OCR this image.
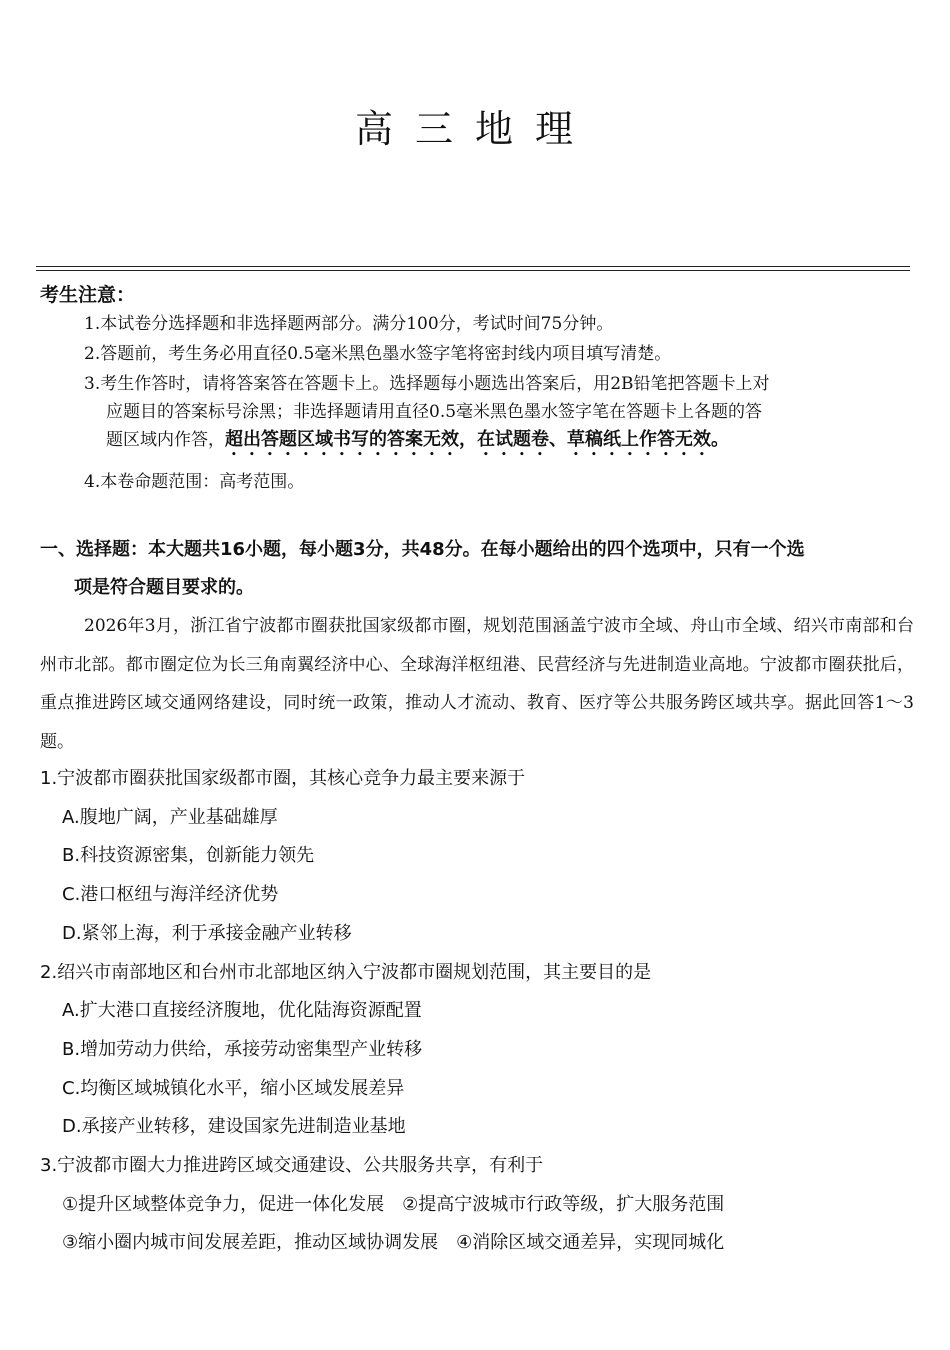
高三地理
考生注意：
1.本试卷分选择题和非选择题两部分。满分100分，考试时间75分钟。
2.答题前，考生务必用直径0.5毫米黑色墨水签字笔将密封线内项目填写清楚。
3.考生作答时，请将答案答在答题卡上。选择题每小题选出答案后，用2B铅笔把答题卡上对
应题目的答案标号涂黑；非选择题请用直径0.5毫米黑色墨水签字笔在答题卡上各题的答
题区域内作答，超出答题区域书写的答案无效，在试题卷、草稿纸上作答无效。
4.本卷命题范围：高考范围。
一、选择题：本大题共16小题，每小题3分，共48分。在每小题给出的四个选项中，只有一个选
项是符合题目要求的。
2026年3月，浙江省宁波都市圈获批国家级都市圈，规划范围涵盖宁波市全域、舟山市全域、绍兴市南部和台州市北部。都市圈定位为长三角南翼经济中心、全球海洋枢纽港、民营经济与先进制造业高地。宁波都市圈获批后，重点推进跨区域交通网络建设，同时统一政策，推动人才流动、教育、医疗等公共服务跨区域共享。据此回答1～3题。
1.宁波都市圈获批国家级都市圈，其核心竞争力最主要来源于
A.腹地广阔，产业基础雄厚
B.科技资源密集，创新能力领先
C.港口枢纽与海洋经济优势
D.紧邻上海，利于承接金融产业转移
2.绍兴市南部地区和台州市北部地区纳入宁波都市圈规划范围，其主要目的是
A.扩大港口直接经济腹地，优化陆海资源配置
B.增加劳动力供给，承接劳动密集型产业转移
C.均衡区域城镇化水平，缩小区域发展差异
D.承接产业转移，建设国家先进制造业基地
3.宁波都市圈大力推进跨区域交通建设、公共服务共享，有利于
①提升区域整体竞争力，促进一体化发展　②提高宁波城市行政等级，扩大服务范围
③缩小圈内城市间发展差距，推动区域协调发展　④消除区域交通差异，实现同城化
